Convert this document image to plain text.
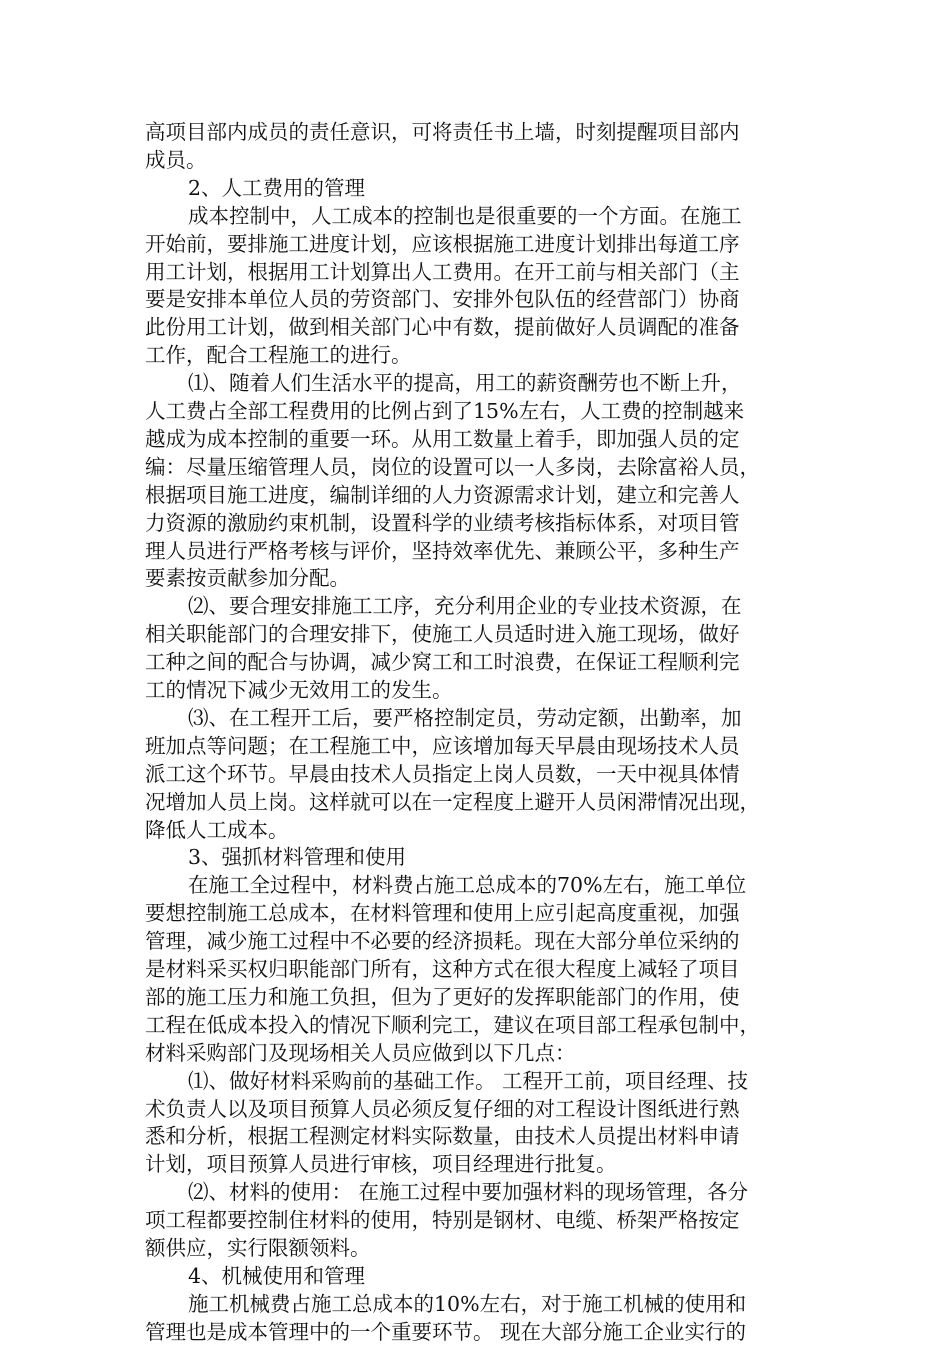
高项目部内成员的责任意识，可将责任书上墙，时刻提醒项目部内
成员。
2、人工费用的管理
成本控制中，人工成本的控制也是很重要的一个方面。在施工
开始前，要排施工进度计划，应该根据施工进度计划排出每道工序
用工计划，根据用工计划算出人工费用。在开工前与相关部门（主
要是安排本单位人员的劳资部门、安排外包队伍的经营部门）协商
此份用工计划，做到相关部门心中有数，提前做好人员调配的准备
工作，配合工程施工的进行。
⑴、随着人们生活水平的提高，用工的薪资酬劳也不断上升，
人工费占全部工程费用的比例占到了15%左右，人工费的控制越来
越成为成本控制的重要一环。从用工数量上着手，即加强人员的定
编：尽量压缩管理人员，岗位的设置可以一人多岗，去除富裕人员，
根据项目施工进度，编制详细的人力资源需求计划，建立和完善人
力资源的激励约束机制，设置科学的业绩考核指标体系，对项目管
理人员进行严格考核与评价，坚持效率优先、兼顾公平，多种生产
要素按贡献参加分配。
⑵、要合理安排施工工序，充分利用企业的专业技术资源，在
相关职能部门的合理安排下，使施工人员适时进入施工现场，做好
工种之间的配合与协调，减少窝工和工时浪费，在保证工程顺利完
工的情况下减少无效用工的发生。
⑶、在工程开工后，要严格控制定员，劳动定额，出勤率，加
班加点等问题；在工程施工中，应该增加每天早晨由现场技术人员
派工这个环节。早晨由技术人员指定上岗人员数，一天中视具体情
况增加人员上岗。这样就可以在一定程度上避开人员闲滞情况出现，
降低人工成本。
3、强抓材料管理和使用
在施工全过程中，材料费占施工总成本的70%左右，施工单位
要想控制施工总成本，在材料管理和使用上应引起高度重视，加强
管理，减少施工过程中不必要的经济损耗。现在大部分单位采纳的
是材料采买权归职能部门所有，这种方式在很大程度上减轻了项目
部的施工压力和施工负担，但为了更好的发挥职能部门的作用，使
工程在低成本投入的情况下顺利完工，建议在项目部工程承包制中，
材料采购部门及现场相关人员应做到以下几点：
⑴、做好材料采购前的基础工作。 工程开工前，项目经理、技
术负责人以及项目预算人员必须反复仔细的对工程设计图纸进行熟
悉和分析，根据工程测定材料实际数量，由技术人员提出材料申请
计划，项目预算人员进行审核，项目经理进行批复。
⑵、材料的使用： 在施工过程中要加强材料的现场管理，各分
项工程都要控制住材料的使用，特别是钢材、电缆、桥架严格按定
额供应，实行限额领料。
4、机械使用和管理
施工机械费占施工总成本的10%左右，对于施工机械的使用和
管理也是成本管理中的一个重要环节。 现在大部分施工企业实行的
